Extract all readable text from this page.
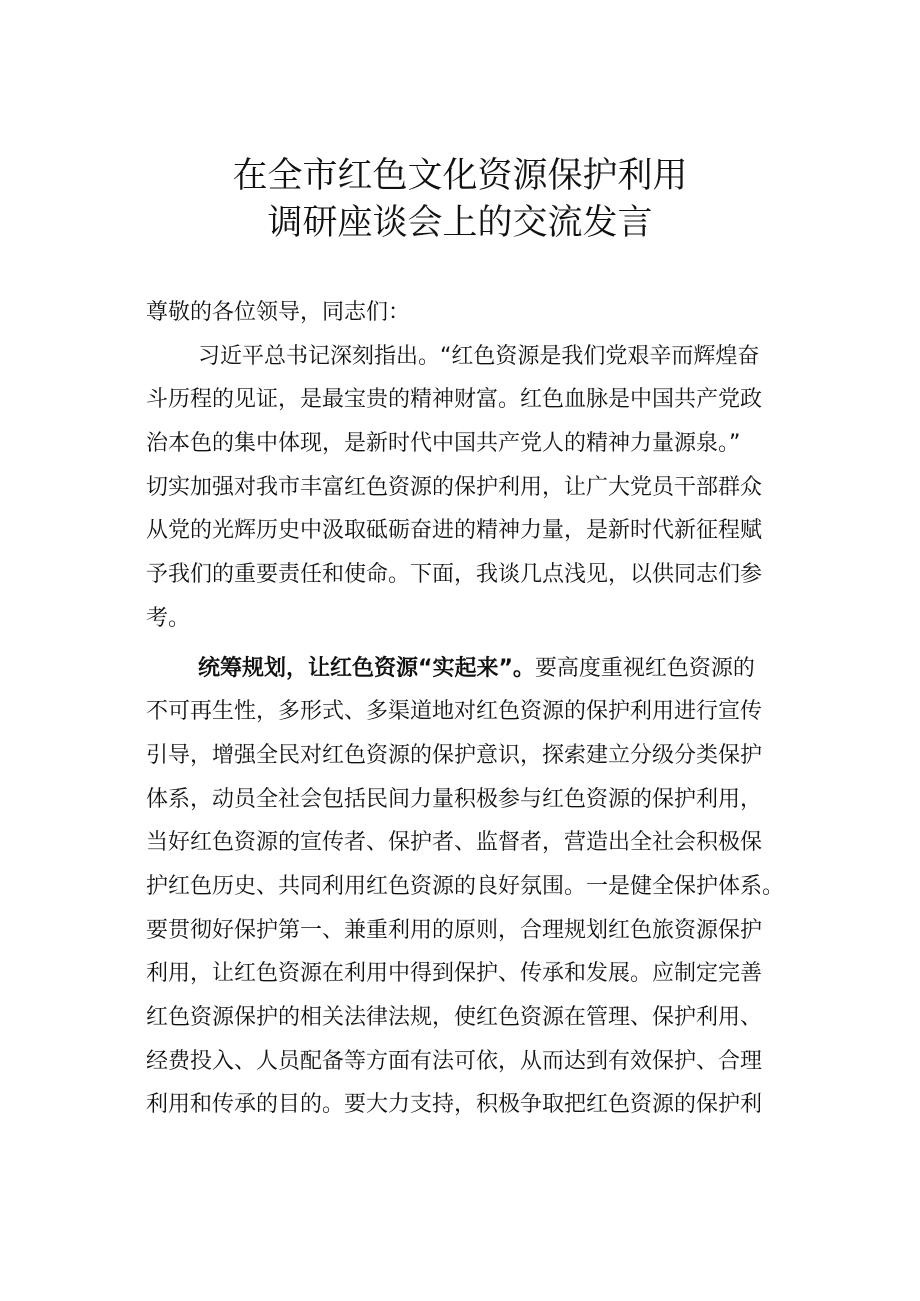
在全市红色文化资源保护利用
调研座谈会上的交流发言
尊敬的各位领导，同志们：
习近平总书记深刻指出。“红色资源是我们党艰辛而辉煌奋
斗历程的见证，是最宝贵的精神财富。红色血脉是中国共产党政
治本色的集中体现，是新时代中国共产党人的精神力量源泉。”
切实加强对我市丰富红色资源的保护利用，让广大党员干部群众
从党的光辉历史中汲取砥砺奋进的精神力量，是新时代新征程赋
予我们的重要责任和使命。下面，我谈几点浅见，以供同志们参
考。
统筹规划，让红色资源“实起来”。要高度重视红色资源的
不可再生性，多形式、多渠道地对红色资源的保护利用进行宣传
引导，增强全民对红色资源的保护意识，探索建立分级分类保护
体系，动员全社会包括民间力量积极参与红色资源的保护利用，
当好红色资源的宣传者、保护者、监督者，营造出全社会积极保
护红色历史、共同利用红色资源的良好氛围。一是健全保护体系。
要贯彻好保护第一、兼重利用的原则，合理规划红色旅资源保护
利用，让红色资源在利用中得到保护、传承和发展。应制定完善
红色资源保护的相关法律法规，使红色资源在管理、保护利用、
经费投入、人员配备等方面有法可依，从而达到有效保护、合理
利用和传承的目的。要大力支持，积极争取把红色资源的保护利
